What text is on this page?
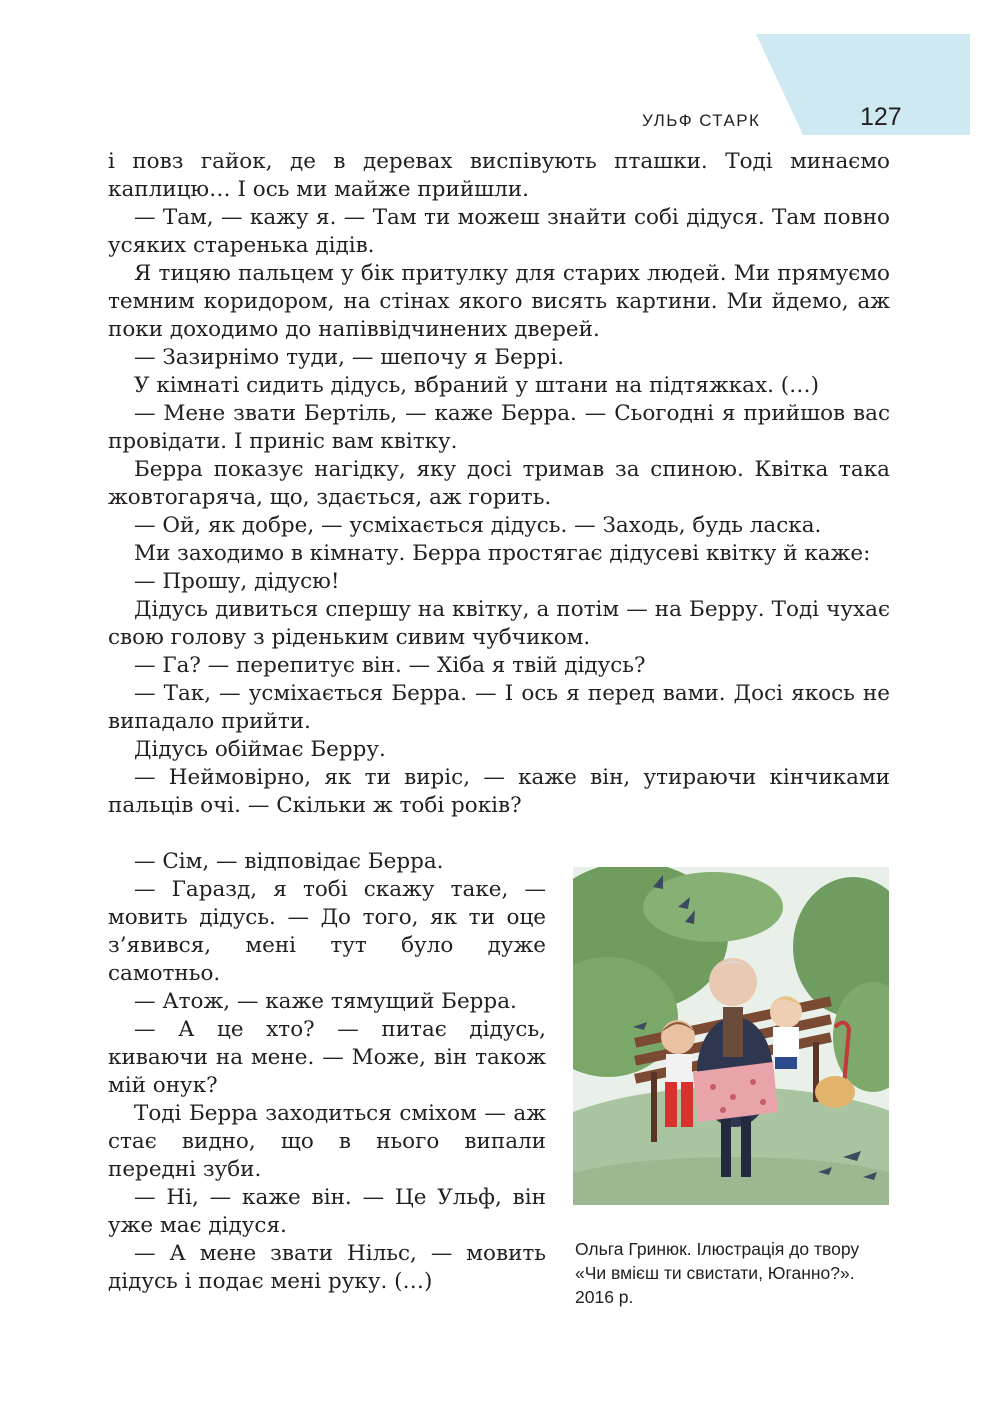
УЛЬФ СТАРК	127

і повз гайок, де в деревах виспівують пташки. Тоді минаємо каплицю… І ось ми майже прийшли.

— Там, — кажу я. — Там ти можеш знайти собі дідуся. Там повно усяких старенька дідів.

Я тицяю пальцем у бік притулку для старих людей. Ми прямуємо темним коридором, на стінах якого висять картини. Ми йдемо, аж поки доходимо до напіввідчинених дверей.

— Зазирнімо туди, — шепочу я Беррі.

У кімнаті сидить дідусь, вбраний у штани на підтяжках. (…)

— Мене звати Бертіль, — каже Берра. — Сьогодні я прийшов вас провідати. І приніс вам квітку.

Берра показує нагідку, яку досі тримав за спиною. Квітка така жовтогаряча, що, здається, аж горить.

— Ой, як добре, — усміхається дідусь. — Заходь, будь ласка.

Ми заходимо в кімнату. Берра простягає дідусеві квітку й каже:

— Прошу, дідусю!

Дідусь дивиться спершу на квітку, а потім — на Берру. Тоді чухає свою голову з ріденьким сивим чубчиком.

— Га? — перепитує він. — Хіба я твій дідусь?

— Так, — усміхається Берра. — І ось я перед вами. Досі якось не випадало прийти.

Дідусь обіймає Берру.

— Неймовірно, як ти виріс, — каже він, утираючи кінчиками пальців очі. — Скільки ж тобі років?

— Сім, — відповідає Берра.

— Гаразд, я тобі скажу таке, — мовить дідусь. — До того, як ти оце з’явився, мені тут було дуже самотньо.

— Атож, — каже тямущий Берра.

— А це хто? — питає дідусь, киваючи на мене. — Може, він також мій онук?

Тоді Берра заходиться сміхом — аж стає видно, що в нього випали передні зуби.

— Ні, — каже він. — Це Ульф, він уже має дідуся.

— А мене звати Нільс, — мовить дідусь і подає мені руку. (…)

Ольга Гринюк. Ілюстрація до твору «Чи вмієш ти свистати, Юганно?». 2016 р.
